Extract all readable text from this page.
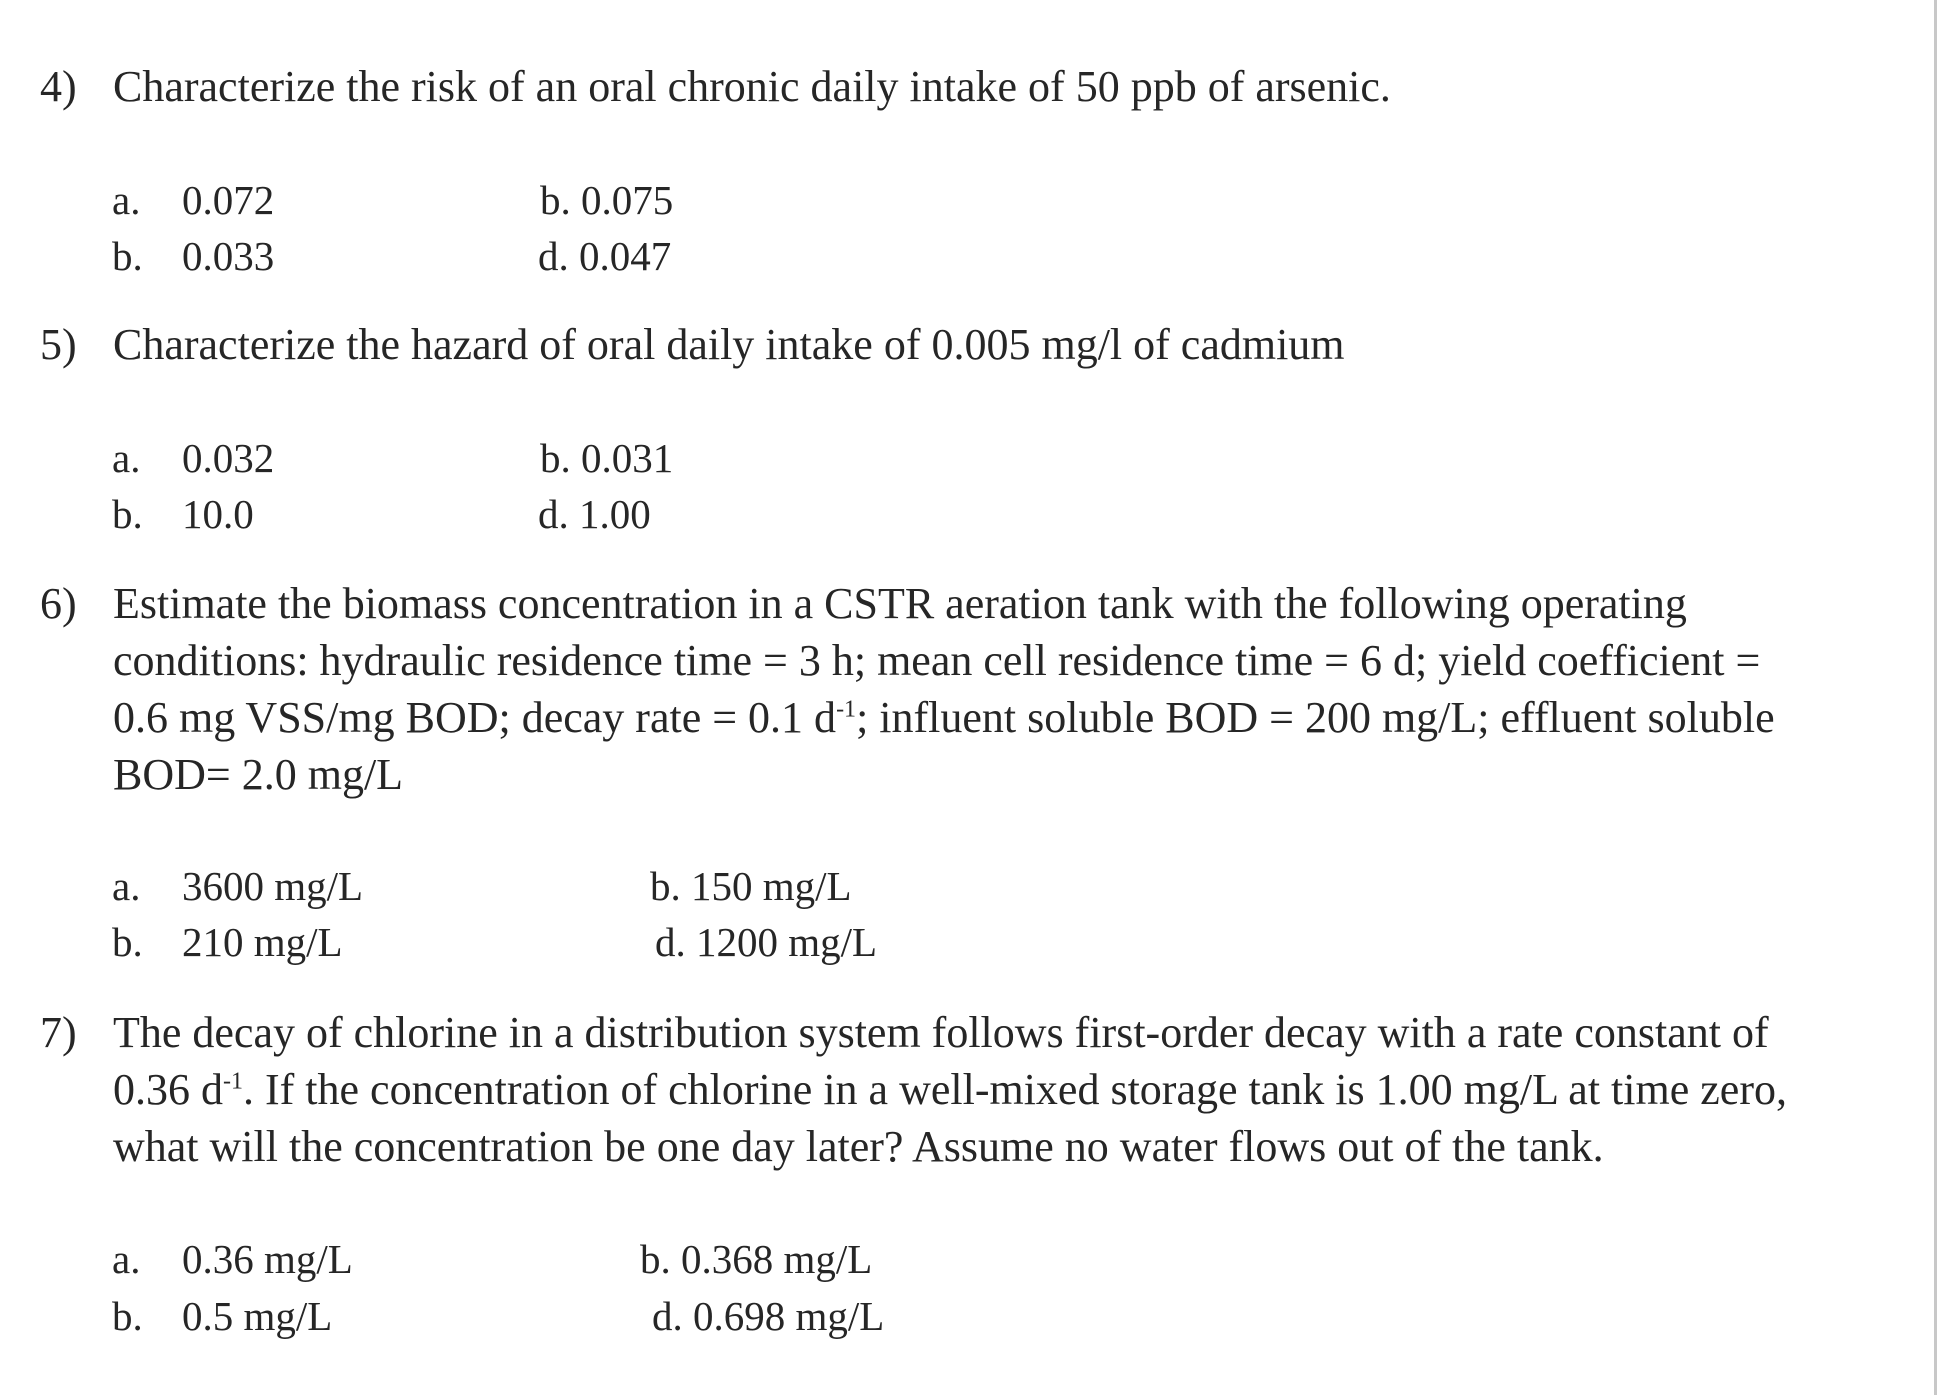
4) Characterize the risk of an oral chronic daily intake of 50 ppb of arsenic.
a. 0.072
b. 0.033
b. 0.075
d. 0.047
5) Characterize the hazard of oral daily intake of 0.005 mg/l of cadmium
a. 0.032
b. 10.0
b. 0.031
d. 1.00
6) Estimate the biomass concentration in a CSTR aeration tank with the following operating
conditions: hydraulic residence time = 3 h; mean cell residence time = 6 d; yield coefficient =
0.6 mg VSS/mg BOD; decay rate = 0.1 $d^{-1}$; influent soluble BOD = 200 mg/L; effluent soluble
BOD= 2.0 mg/L
a. 3600 mg/L
b. 210 mg/L
b. 150 mg/L
d. 1200 mg/L
7) The decay of chlorine in a distribution system follows first-order decay with a rate constant of
0.36 $d^{-1}$. If the concentration of chlorine in a well-mixed storage tank is 1.00 mg/L at time zero,
what will the concentration be one day later? Assume no water flows out of the tank.
a. 0.36 mg/L
b. 0.5 mg/L
b. 0.368 mg/L
d. 0.698 mg/L
